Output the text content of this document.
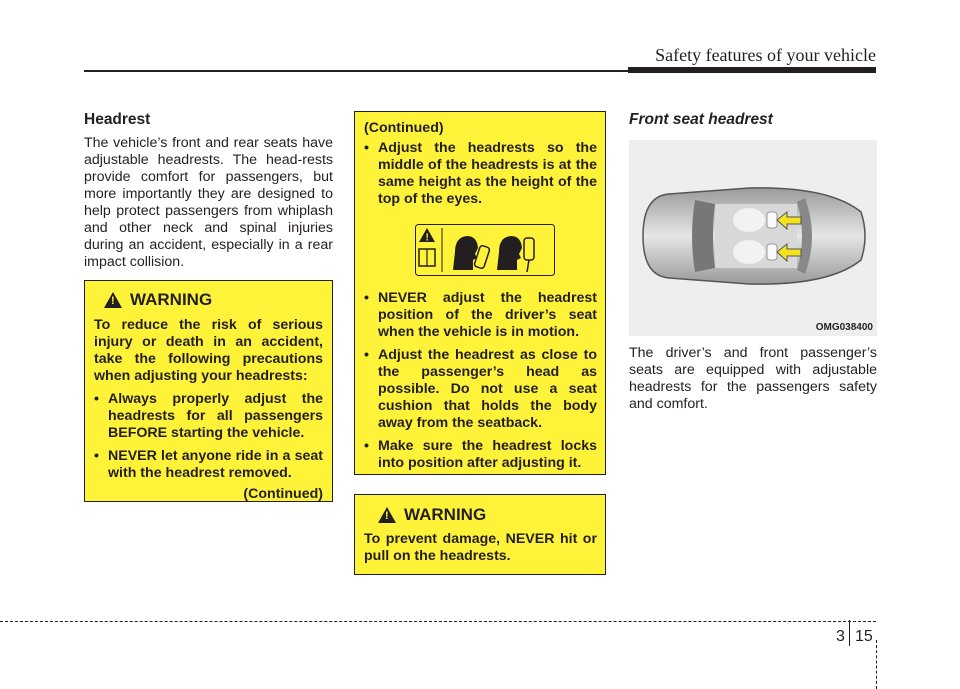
Safety features of your vehicle
Headrest

The vehicle’s front and rear seats have adjustable headrests. The head-rests provide comfort for passengers, but more importantly they are designed to help protect passengers from whiplash and other neck and spinal injuries during an accident, especially in a rear impact collision.

! WARNING

To reduce the risk of serious injury or death in an accident, take the following precautions when adjusting your headrests:

• Always properly adjust the headrests for all passengers BEFORE starting the vehicle.
• NEVER let anyone ride in a seat with the headrest removed.
(Continued)

(Continued)

• Adjust the headrests so the middle of the headrests is at the same height as the height of the top of the eyes.
!
• NEVER adjust the headrest position of the driver’s seat when the vehicle is in motion.
• Adjust the headrest as close to the passenger’s head as possible. Do not use a seat cushion that holds the body away from the seatback.
• Make sure the headrest locks into position after adjusting it.
! WARNING

To prevent damage, NEVER hit or pull on the headrests.

Front seat headrest
OMG038400

The driver’s and front passenger’s seats are equipped with adjustable headrests for the passengers safety and comfort.

3 15
